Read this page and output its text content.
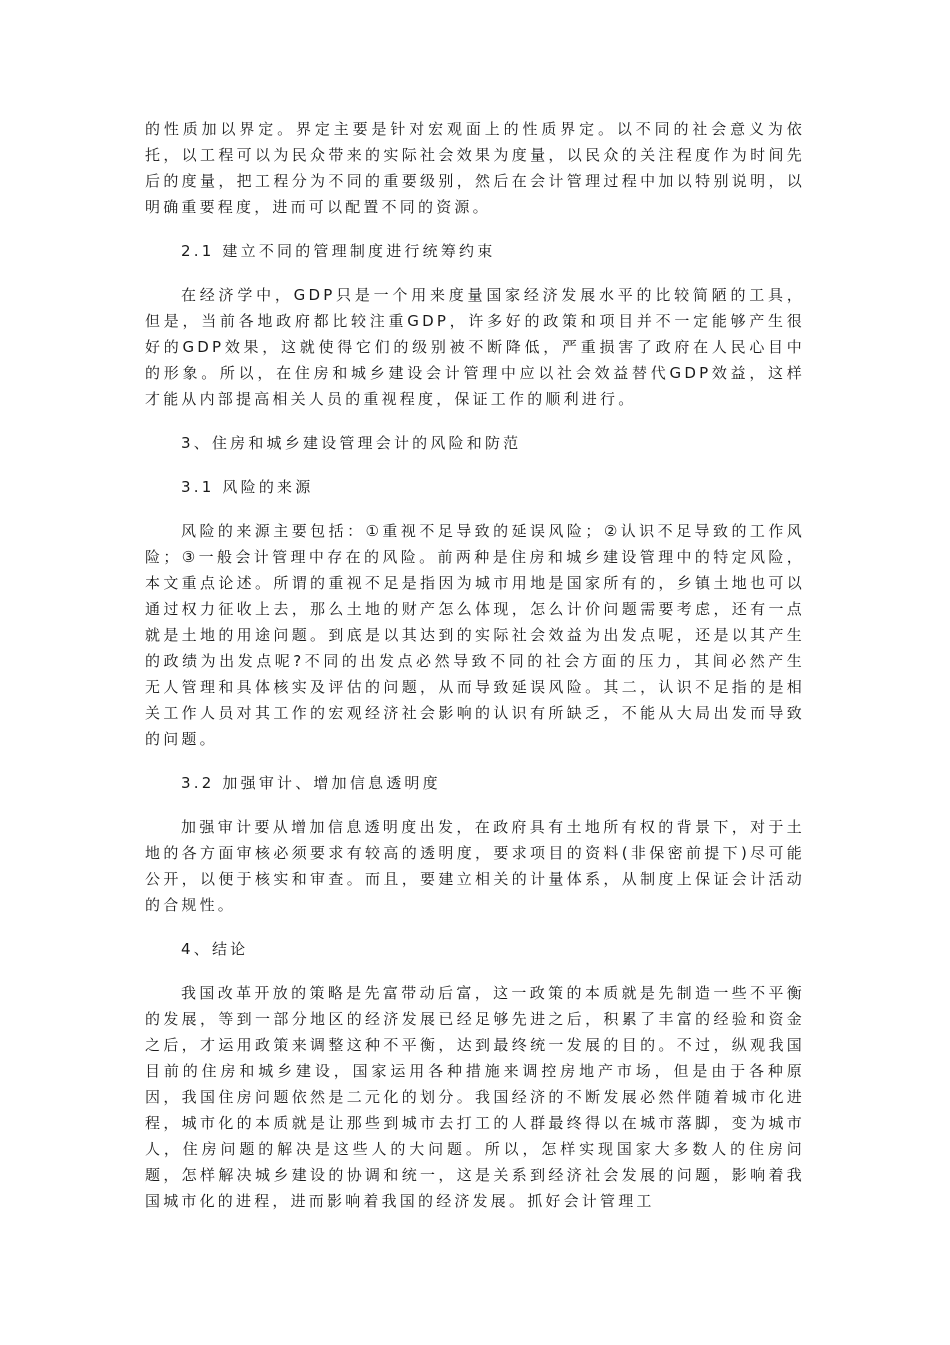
的性质加以界定。界定主要是针对宏观面上的性质界定。以不同的社会意义为依托，以工程可以为民众带来的实际社会效果为度量，以民众的关注程度作为时间先后的度量，把工程分为不同的重要级别，然后在会计管理过程中加以特别说明，以明确重要程度，进而可以配置不同的资源。

2.1 建立不同的管理制度进行统筹约束

在经济学中，GDP只是一个用来度量国家经济发展水平的比较简陋的工具，但是，当前各地政府都比较注重GDP，许多好的政策和项目并不一定能够产生很好的GDP效果，这就使得它们的级别被不断降低，严重损害了政府在人民心目中的形象。所以，在住房和城乡建设会计管理中应以社会效益替代GDP效益，这样才能从内部提高相关人员的重视程度，保证工作的顺利进行。

3、住房和城乡建设管理会计的风险和防范

3.1 风险的来源

风险的来源主要包括：①重视不足导致的延误风险；②认识不足导致的工作风险；③一般会计管理中存在的风险。前两种是住房和城乡建设管理中的特定风险，本文重点论述。所谓的重视不足是指因为城市用地是国家所有的，乡镇土地也可以通过权力征收上去，那么土地的财产怎么体现，怎么计价问题需要考虑，还有一点就是土地的用途问题。到底是以其达到的实际社会效益为出发点呢，还是以其产生的政绩为出发点呢?不同的出发点必然导致不同的社会方面的压力，其间必然产生无人管理和具体核实及评估的问题，从而导致延误风险。其二，认识不足指的是相关工作人员对其工作的宏观经济社会影响的认识有所缺乏，不能从大局出发而导致的问题。

3.2 加强审计、增加信息透明度

加强审计要从增加信息透明度出发，在政府具有土地所有权的背景下，对于土地的各方面审核必须要求有较高的透明度，要求项目的资料(非保密前提下)尽可能公开，以便于核实和审查。而且，要建立相关的计量体系，从制度上保证会计活动的合规性。

4、结论

我国改革开放的策略是先富带动后富，这一政策的本质就是先制造一些不平衡的发展，等到一部分地区的经济发展已经足够先进之后，积累了丰富的经验和资金之后，才运用政策来调整这种不平衡，达到最终统一发展的目的。不过，纵观我国目前的住房和城乡建设，国家运用各种措施来调控房地产市场，但是由于各种原因，我国住房问题依然是二元化的划分。我国经济的不断发展必然伴随着城市化进程，城市化的本质就是让那些到城市去打工的人群最终得以在城市落脚，变为城市人，住房问题的解决是这些人的大问题。所以，怎样实现国家大多数人的住房问题，怎样解决城乡建设的协调和统一，这是关系到经济社会发展的问题，影响着我国城市化的进程，进而影响着我国的经济发展。抓好会计管理工
